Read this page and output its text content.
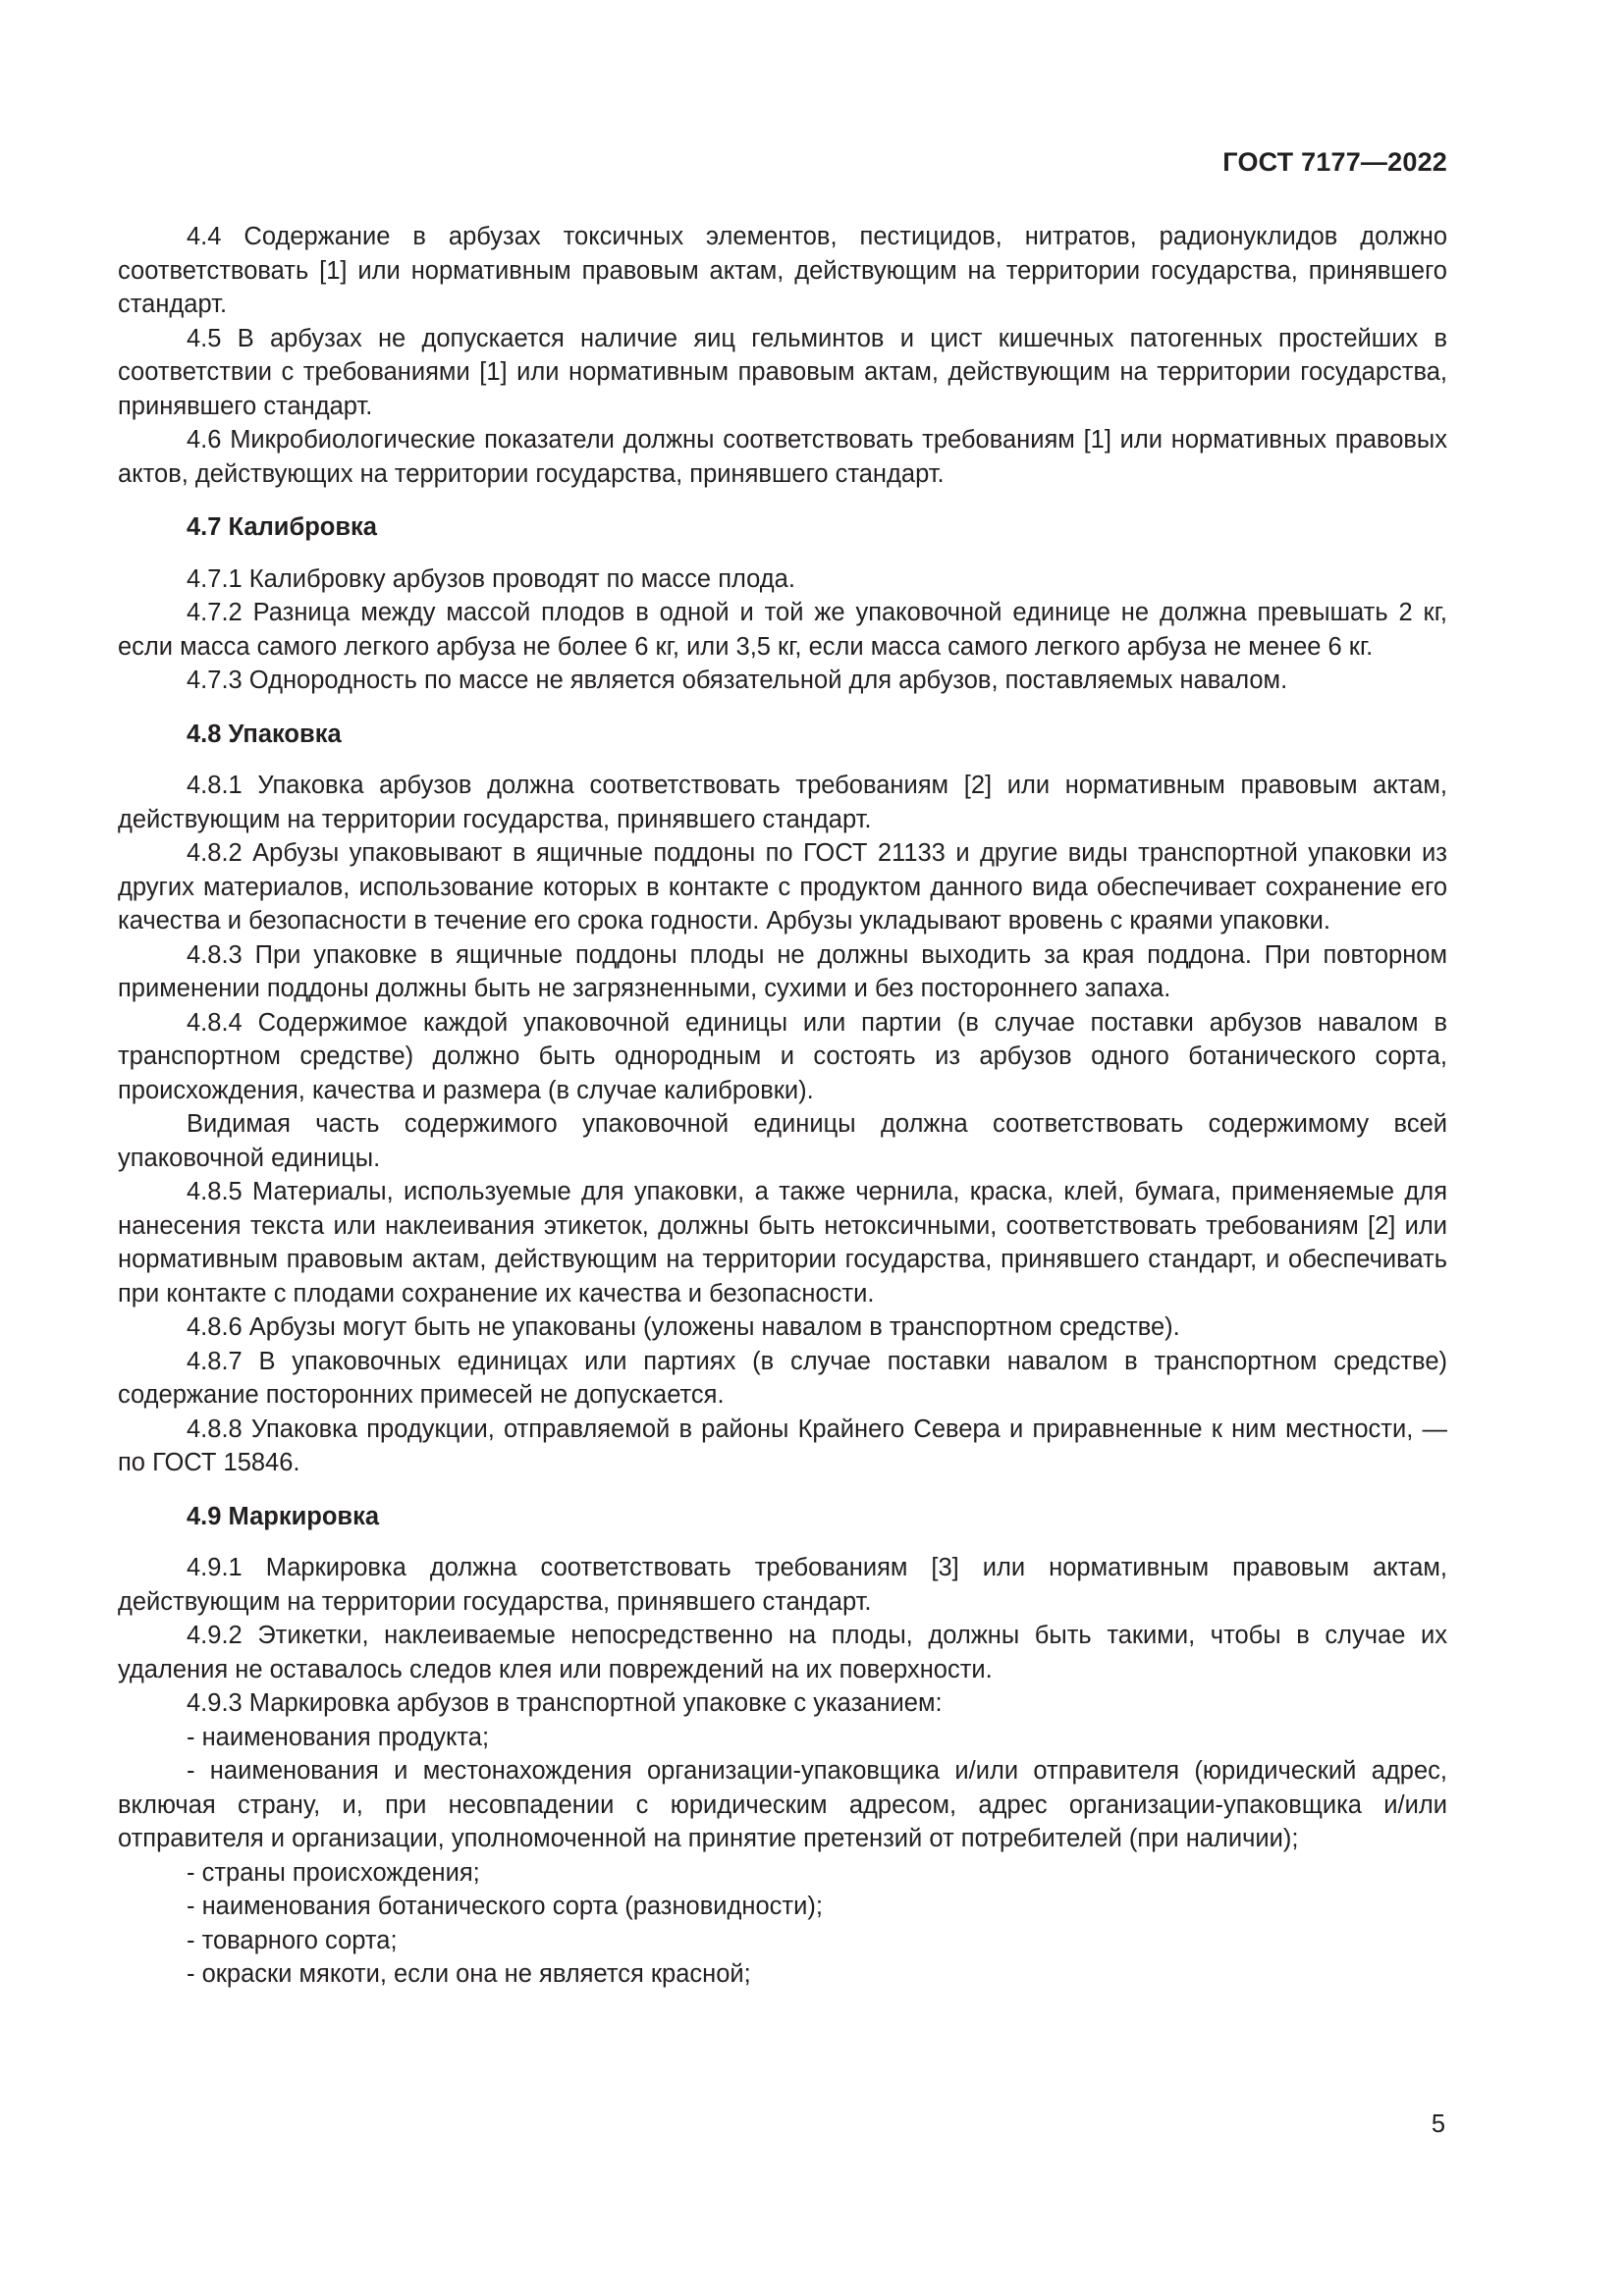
ГОСТ 7177—2022

4.4 Содержание в арбузах токсичных элементов, пестицидов, нитратов, радионуклидов должно соответствовать [1] или нормативным правовым актам, действующим на территории государства, принявшего стандарт.

4.5 В арбузах не допускается наличие яиц гельминтов и цист кишечных патогенных простейших в соответствии с требованиями [1] или нормативным правовым актам, действующим на территории государства, принявшего стандарт.

4.6 Микробиологические показатели должны соответствовать требованиям [1] или нормативных правовых актов, действующих на территории государства, принявшего стандарт.

4.7 Калибровка

4.7.1 Калибровку арбузов проводят по массе плода.

4.7.2 Разница между массой плодов в одной и той же упаковочной единице не должна превышать 2 кг, если масса самого легкого арбуза не более 6 кг, или 3,5 кг, если масса самого легкого арбуза не менее 6 кг.

4.7.3 Однородность по массе не является обязательной для арбузов, поставляемых навалом.

4.8 Упаковка

4.8.1 Упаковка арбузов должна соответствовать требованиям [2] или нормативным правовым актам, действующим на территории государства, принявшего стандарт.

4.8.2 Арбузы упаковывают в ящичные поддоны по ГОСТ 21133 и другие виды транспортной упаковки из других материалов, использование которых в контакте с продуктом данного вида обеспечивает сохранение его качества и безопасности в течение его срока годности. Арбузы укладывают вровень с краями упаковки.

4.8.3 При упаковке в ящичные поддоны плоды не должны выходить за края поддона. При повторном применении поддоны должны быть не загрязненными, сухими и без постороннего запаха.

4.8.4 Содержимое каждой упаковочной единицы или партии (в случае поставки арбузов навалом в транспортном средстве) должно быть однородным и состоять из арбузов одного ботанического сорта, происхождения, качества и размера (в случае калибровки).

Видимая часть содержимого упаковочной единицы должна соответствовать содержимому всей упаковочной единицы.

4.8.5 Материалы, используемые для упаковки, а также чернила, краска, клей, бумага, применяемые для нанесения текста или наклеивания этикеток, должны быть нетоксичными, соответствовать требованиям [2] или нормативным правовым актам, действующим на территории государства, принявшего стандарт, и обеспечивать при контакте с плодами сохранение их качества и безопасности.

4.8.6 Арбузы могут быть не упакованы (уложены навалом в транспортном средстве).

4.8.7 В упаковочных единицах или партиях (в случае поставки навалом в транспортном средстве) содержание посторонних примесей не допускается.

4.8.8 Упаковка продукции, отправляемой в районы Крайнего Севера и приравненные к ним местности, — по ГОСТ 15846.

4.9 Маркировка

4.9.1 Маркировка должна соответствовать требованиям [3] или нормативным правовым актам, действующим на территории государства, принявшего стандарт.

4.9.2 Этикетки, наклеиваемые непосредственно на плоды, должны быть такими, чтобы в случае их удаления не оставалось следов клея или повреждений на их поверхности.

4.9.3 Маркировка арбузов в транспортной упаковке с указанием:

- наименования продукта;

- наименования и местонахождения организации-упаковщика и/или отправителя (юридический адрес, включая страну, и, при несовпадении с юридическим адресом, адрес организации-упаковщика и/или отправителя и организации, уполномоченной на принятие претензий от потребителей (при наличии);

- страны происхождения;

- наименования ботанического сорта (разновидности);

- товарного сорта;

- окраски мякоти, если она не является красной;

5
